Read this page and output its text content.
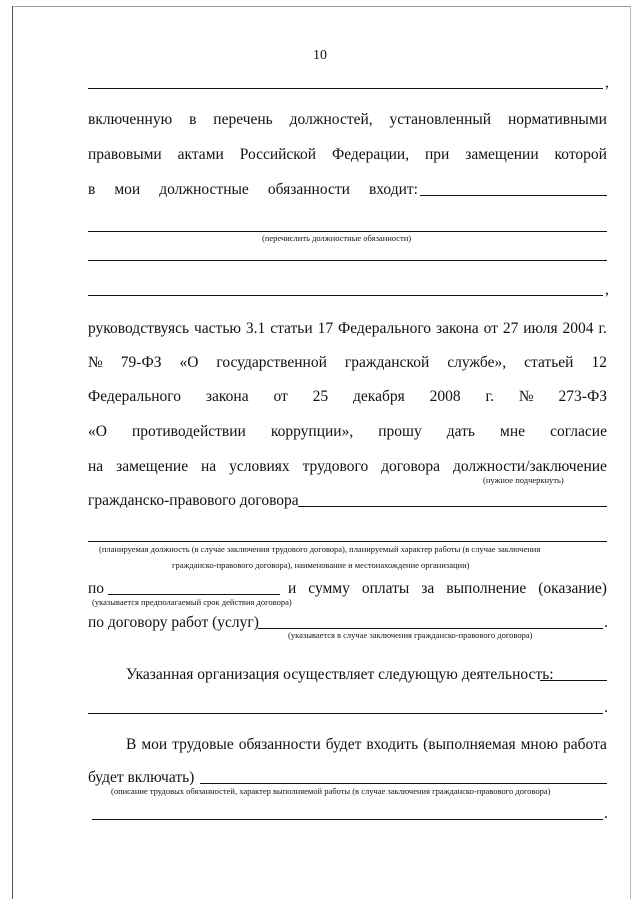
10
,
включенную в перечень должностей, установленный нормативными
правовыми актами Российской Федерации, при замещении которой
в мои должностные обязанности входит:
(перечислить должностные обязанности)
,
руководствуясь частью 3.1 статьи 17 Федерального закона от 27 июля 2004 г.
№ 79-ФЗ «О государственной гражданской службе», статьей 12
Федерального закона от 25 декабря 2008 г. № 273-ФЗ
«О противодействии коррупции», прошу дать мне согласие
на замещение на условиях трудового договора должности/заключение
(нужное подчеркнуть)
гражданско-правового договора
(планируемая должность (в случае заключения трудового договора), планируемый характер работы (в случае заключения
гражданско-правового договора), наименование и местонахождение организации)
по	и сумму оплаты за выполнение (оказание)
(указывается предполагаемый срок действия договора)
по договору работ (услуг)	.
(указывается в случае заключения гражданско-правового договора)
Указанная организация осуществляет следующую деятельность:
.
В мои трудовые обязанности будет входить (выполняемая мною работа
будет включать)
(описание трудовых обязанностей, характер выполняемой работы (в случае заключения гражданско-правового договора)
.
